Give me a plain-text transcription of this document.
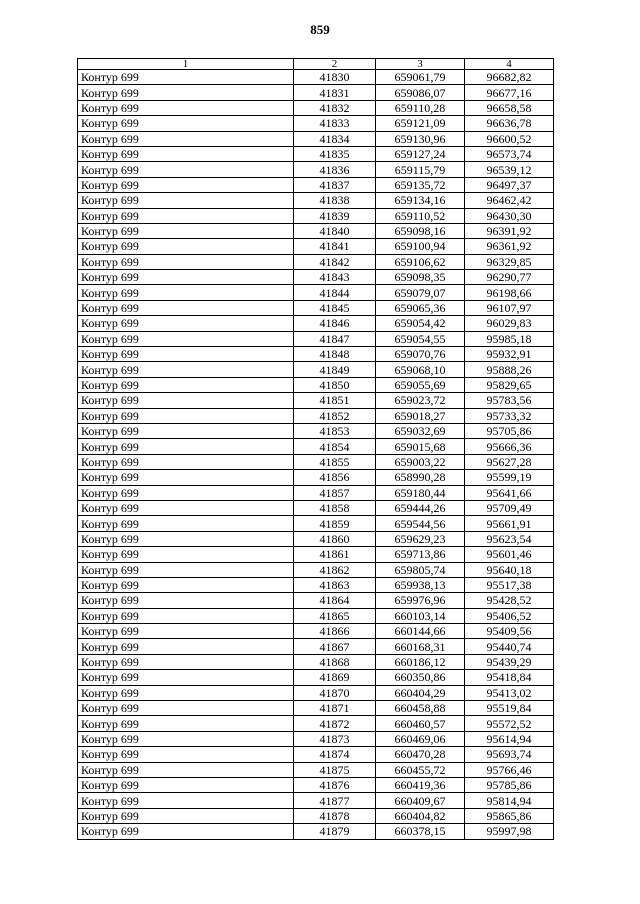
859
1	2	3	4
Контур 699	41830	659061,79	96682,82
Контур 699	41831	659086,07	96677,16
Контур 699	41832	659110,28	96658,58
Контур 699	41833	659121,09	96636,78
Контур 699	41834	659130,96	96600,52
Контур 699	41835	659127,24	96573,74
Контур 699	41836	659115,79	96539,12
Контур 699	41837	659135,72	96497,37
Контур 699	41838	659134,16	96462,42
Контур 699	41839	659110,52	96430,30
Контур 699	41840	659098,16	96391,92
Контур 699	41841	659100,94	96361,92
Контур 699	41842	659106,62	96329,85
Контур 699	41843	659098,35	96290,77
Контур 699	41844	659079,07	96198,66
Контур 699	41845	659065,36	96107,97
Контур 699	41846	659054,42	96029,83
Контур 699	41847	659054,55	95985,18
Контур 699	41848	659070,76	95932,91
Контур 699	41849	659068,10	95888,26
Контур 699	41850	659055,69	95829,65
Контур 699	41851	659023,72	95783,56
Контур 699	41852	659018,27	95733,32
Контур 699	41853	659032,69	95705,86
Контур 699	41854	659015,68	95666,36
Контур 699	41855	659003,22	95627,28
Контур 699	41856	658990,28	95599,19
Контур 699	41857	659180,44	95641,66
Контур 699	41858	659444,26	95709,49
Контур 699	41859	659544,56	95661,91
Контур 699	41860	659629,23	95623,54
Контур 699	41861	659713,86	95601,46
Контур 699	41862	659805,74	95640,18
Контур 699	41863	659938,13	95517,38
Контур 699	41864	659976,96	95428,52
Контур 699	41865	660103,14	95406,52
Контур 699	41866	660144,66	95409,56
Контур 699	41867	660168,31	95440,74
Контур 699	41868	660186,12	95439,29
Контур 699	41869	660350,86	95418,84
Контур 699	41870	660404,29	95413,02
Контур 699	41871	660458,88	95519,84
Контур 699	41872	660460,57	95572,52
Контур 699	41873	660469,06	95614,94
Контур 699	41874	660470,28	95693,74
Контур 699	41875	660455,72	95766,46
Контур 699	41876	660419,36	95785,86
Контур 699	41877	660409,67	95814,94
Контур 699	41878	660404,82	95865,86
Контур 699	41879	660378,15	95997,98
